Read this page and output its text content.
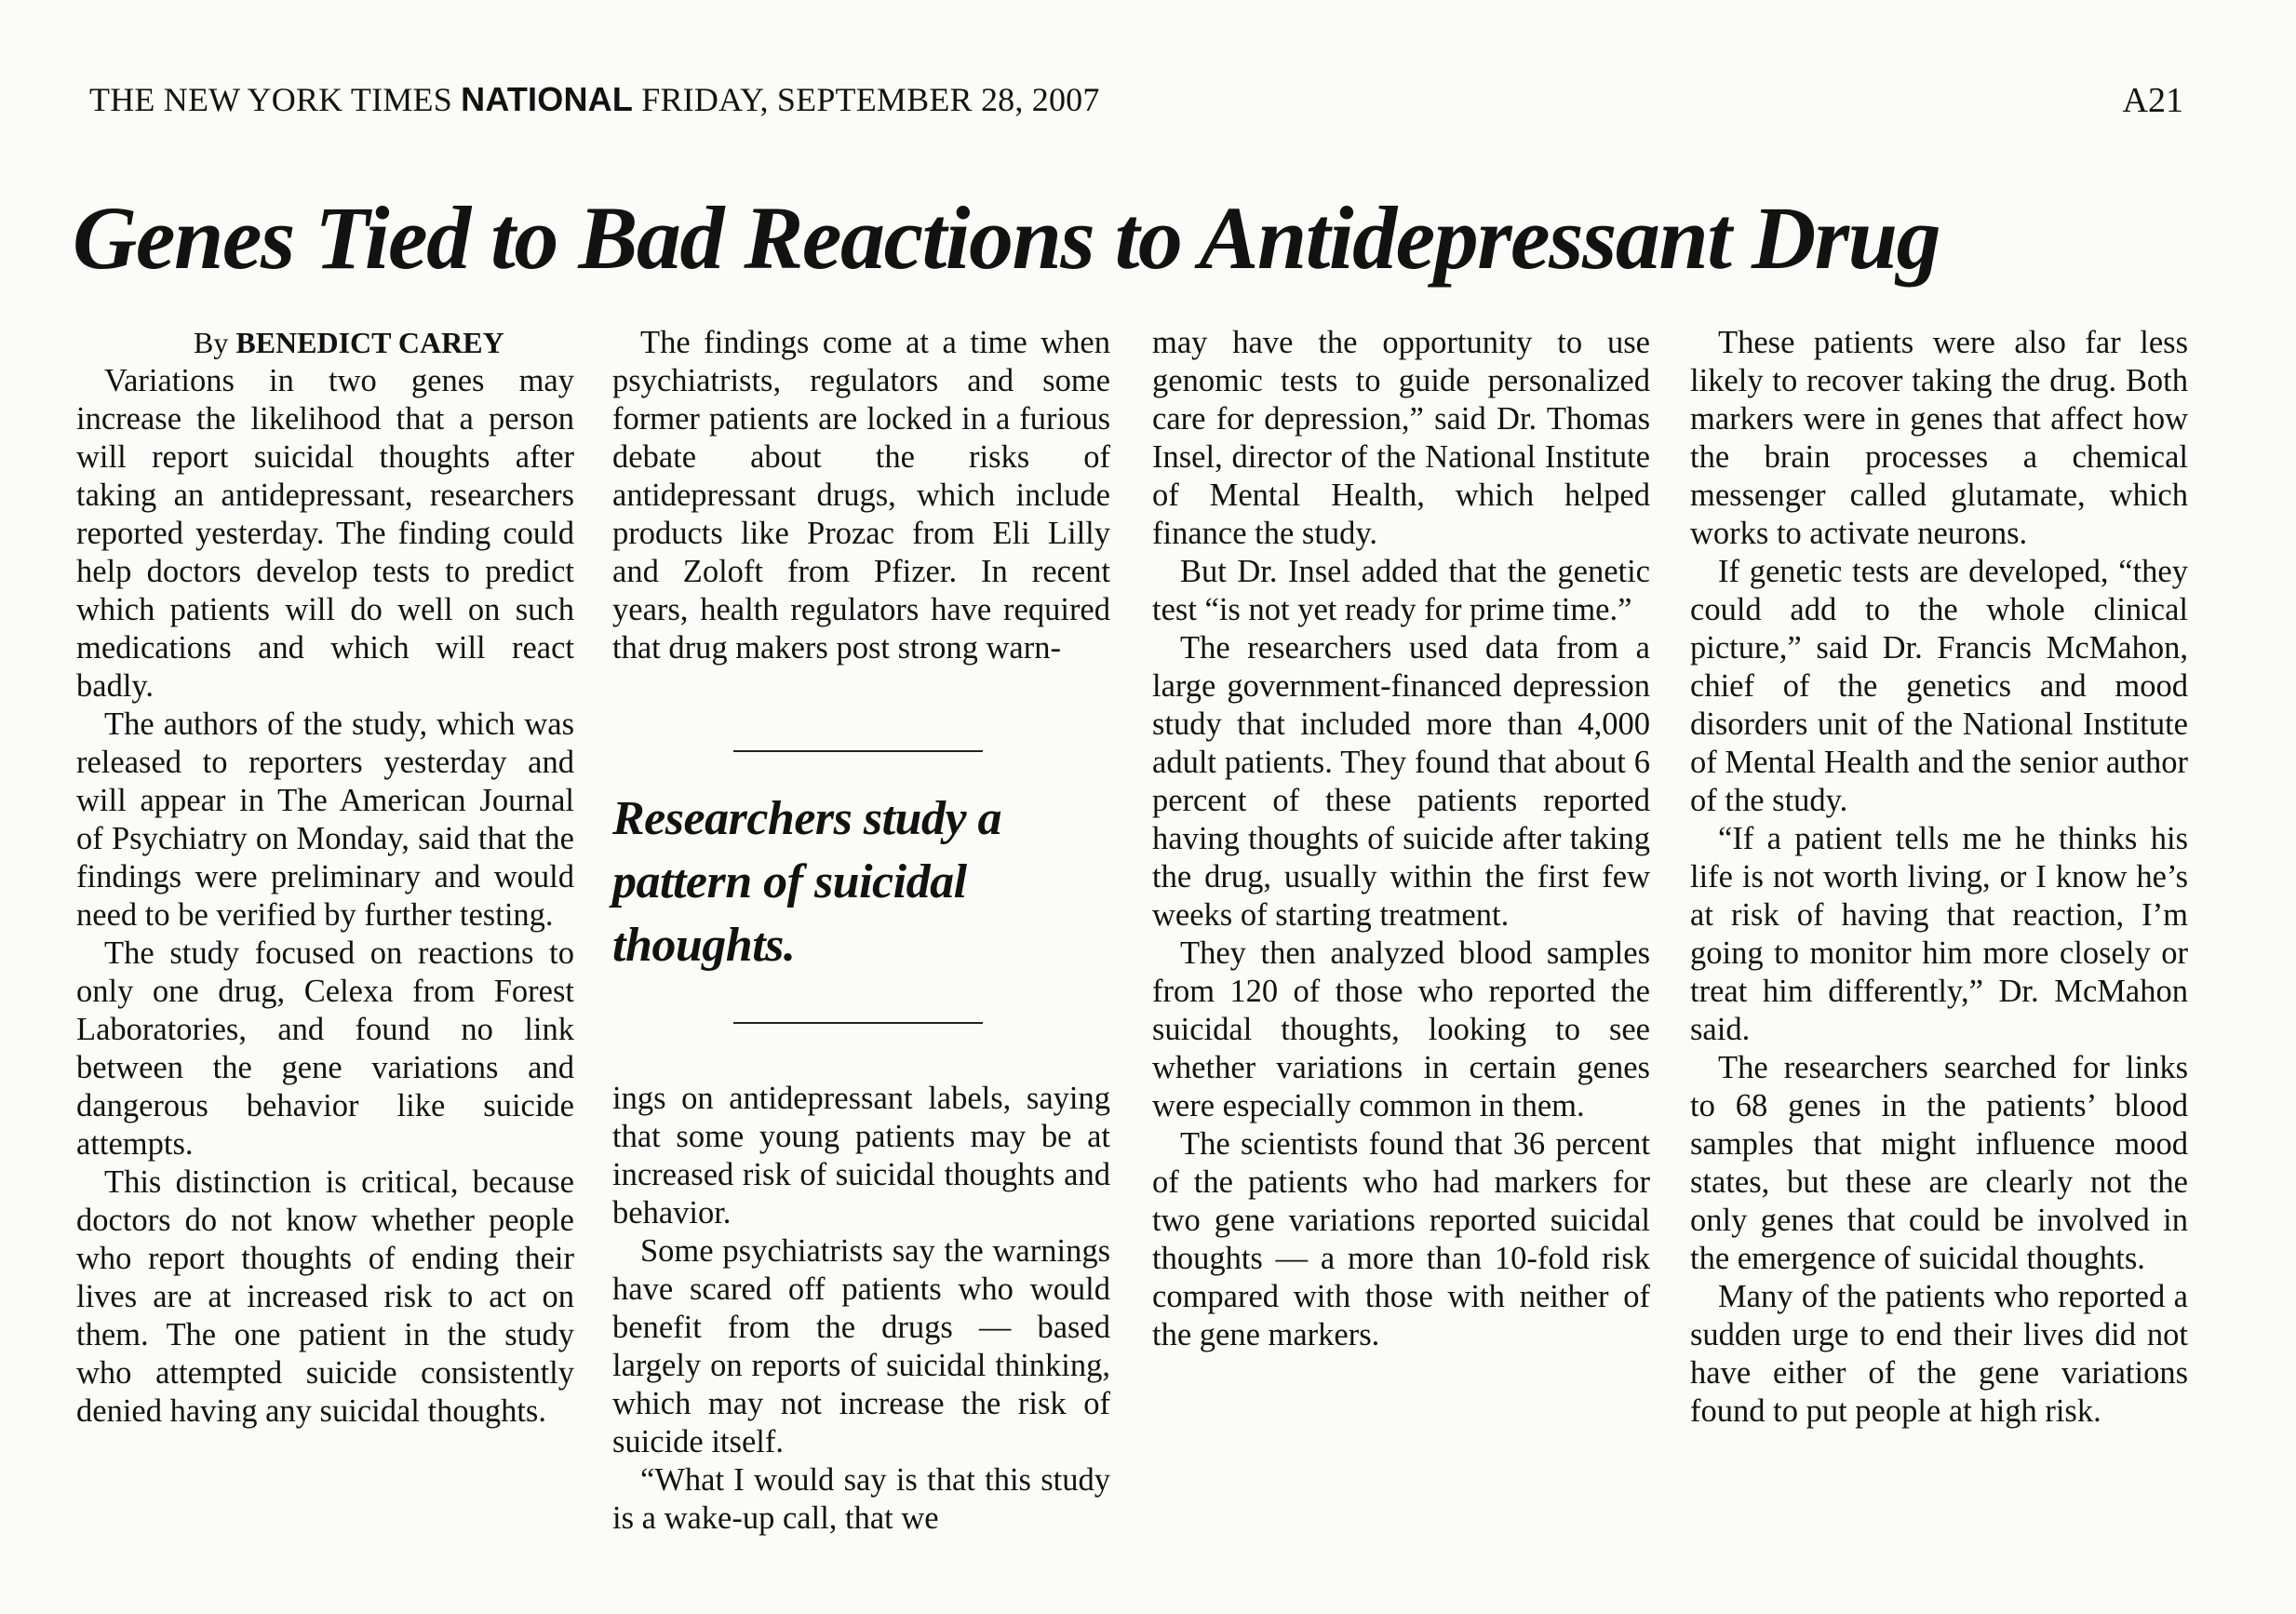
THE NEW YORK TIMES NATIONAL FRIDAY, SEPTEMBER 28, 2007	A21
Genes Tied to Bad Reactions to Antidepressant Drug

By BENEDICT CAREY

Variations in two genes may increase the likelihood that a person will report suicidal thoughts after taking an antidepressant, researchers reported yesterday. The finding could help doctors develop tests to predict which patients will do well on such medications and which will react badly.

The authors of the study, which was released to reporters yesterday and will appear in The American Journal of Psychiatry on Monday, said that the findings were preliminary and would need to be verified by further testing.

The study focused on reactions to only one drug, Celexa from Forest Laboratories, and found no link between the gene variations and dangerous behavior like suicide attempts.

This distinction is critical, because doctors do not know whether people who report thoughts of ending their lives are at increased risk to act on them. The one patient in the study who attempted suicide consistently denied having any suicidal thoughts.

The findings come at a time when psychiatrists, regulators and some former patients are locked in a furious debate about the risks of antidepressant drugs, which include products like Prozac from Eli Lilly and Zoloft from Pfizer. In recent years, health regulators have required that drug makers post strong warn-

Researchers study a pattern of suicidal thoughts.

ings on antidepressant labels, saying that some young patients may be at increased risk of suicidal thoughts and behavior.

Some psychiatrists say the warnings have scared off patients who would benefit from the drugs — based largely on reports of suicidal thinking, which may not increase the risk of suicide itself.

“What I would say is that this study is a wake-up call, that we

may have the opportunity to use genomic tests to guide personalized care for depression,” said Dr. Thomas Insel, director of the National Institute of Mental Health, which helped finance the study.

But Dr. Insel added that the genetic test “is not yet ready for prime time.”

The researchers used data from a large government-financed depression study that included more than 4,000 adult patients. They found that about 6 percent of these patients reported having thoughts of suicide after taking the drug, usually within the first few weeks of starting treatment.

They then analyzed blood samples from 120 of those who reported the suicidal thoughts, looking to see whether variations in certain genes were especially common in them.

The scientists found that 36 percent of the patients who had markers for two gene variations reported suicidal thoughts — a more than 10-fold risk compared with those with neither of the gene markers.

These patients were also far less likely to recover taking the drug. Both markers were in genes that affect how the brain processes a chemical messenger called glutamate, which works to activate neurons.

If genetic tests are developed, “they could add to the whole clinical picture,” said Dr. Francis McMahon, chief of the genetics and mood disorders unit of the National Institute of Mental Health and the senior author of the study.

“If a patient tells me he thinks his life is not worth living, or I know he’s at risk of having that reaction, I’m going to monitor him more closely or treat him differently,” Dr. McMahon said.

The researchers searched for links to 68 genes in the patients’ blood samples that might influence mood states, but these are clearly not the only genes that could be involved in the emergence of suicidal thoughts.

Many of the patients who reported a sudden urge to end their lives did not have either of the gene variations found to put people at high risk.
